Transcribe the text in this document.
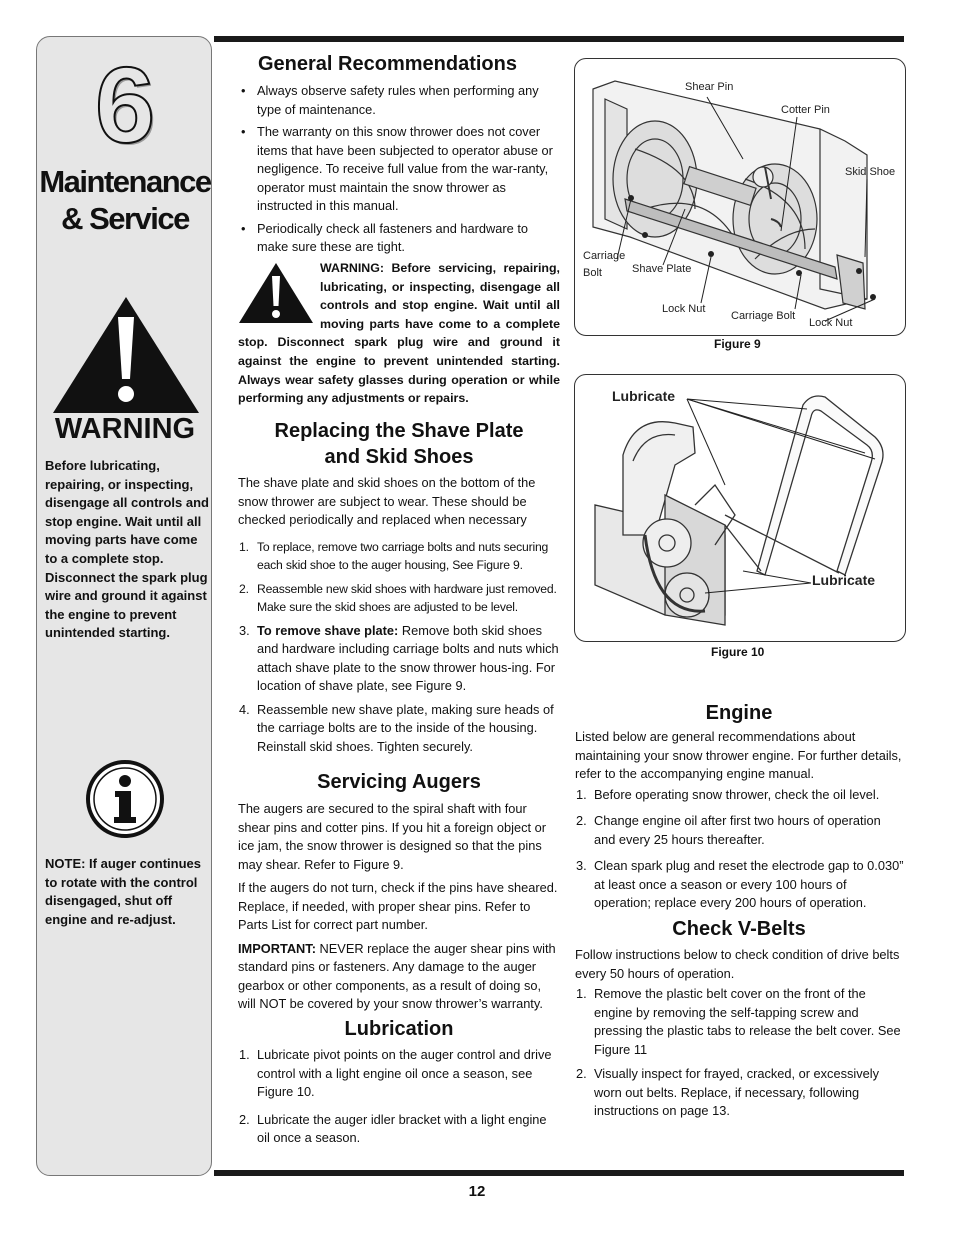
6
Maintenance
& Service
WARNING
Before lubricating, repairing, or inspecting, disengage all controls and stop engine. Wait until all moving parts have come to a complete stop. Disconnect the spark plug wire and ground it against the engine to prevent unintended starting.
NOTE: If auger continues to rotate with the control disengaged, shut off engine and re-adjust.
General Recommendations
• Always observe safety rules when performing any type of maintenance.
• The warranty on this snow thrower does not cover items that have been subjected to operator abuse or negligence. To receive full value from the war-ranty, operator must maintain the snow thrower as instructed in this manual.
• Periodically check all fasteners and hardware to make sure these are tight.
WARNING: Before servicing, repairing, lubricating, or inspecting, disengage all controls and stop engine. Wait until all moving parts have come to a complete stop. Disconnect spark plug wire and ground it against the engine to prevent unintended starting. Always wear safety glasses during operation or while performing any adjustments or repairs.
Replacing the Shave Plate
and Skid Shoes

The shave plate and skid shoes on the bottom of the snow thrower are subject to wear. These should be checked periodically and replaced when necessary

1. To replace, remove two carriage bolts and nuts securing each skid shoe to the auger housing, See Figure 9.
2. Reassemble new skid shoes with hardware just removed. Make sure the skid shoes are adjusted to be level.
3. To remove shave plate: Remove both skid shoes and hardware including carriage bolts and nuts which attach shave plate to the snow thrower hous-ing. For location of shave plate, see Figure 9.
4. Reassemble new shave plate, making sure heads of the carriage bolts are to the inside of the housing. Reinstall skid shoes. Tighten securely.
Servicing Augers

The augers are secured to the spiral shaft with four shear pins and cotter pins. If you hit a foreign object or ice jam, the snow thrower is designed so that the pins may shear. Refer to Figure 9.

If the augers do not turn, check if the pins have sheared. Replace, if needed, with proper shear pins. Refer to Parts List for correct part number.

IMPORTANT: NEVER replace the auger shear pins with standard pins or fasteners. Any damage to the auger gearbox or other components, as a result of doing so, will NOT be covered by your snow thrower’s warranty.

Lubrication
1. Lubricate pivot points on the auger control and drive control with a light engine oil once a season, see Figure 10.
2. Lubricate the auger idler bracket with a light engine oil once a season.
Shear Pin
Cotter Pin
Skid Shoe
Carriage
Bolt	Shave Plate
Lock Nut
Carriage Bolt
Lock Nut
Figure 9
Lubricate
Lubricate
Figure 10
Engine

Listed below are general recommendations about maintaining your snow thrower engine. For further details, refer to the accompanying engine manual.

1. Before operating snow thrower, check the oil level.
2. Change engine oil after first two hours of operation and every 25 hours thereafter.
3. Clean spark plug and reset the electrode gap to 0.030” at least once a season or every 100 hours of operation; replace every 200 hours of operation.
Check V-Belts

Follow instructions below to check condition of drive belts every 50 hours of operation.

1. Remove the plastic belt cover on the front of the engine by removing the self-tapping screw and pressing the plastic tabs to release the belt cover. See Figure 11
2. Visually inspect for frayed, cracked, or excessively worn out belts. Replace, if necessary, following instructions on page 13.
12
